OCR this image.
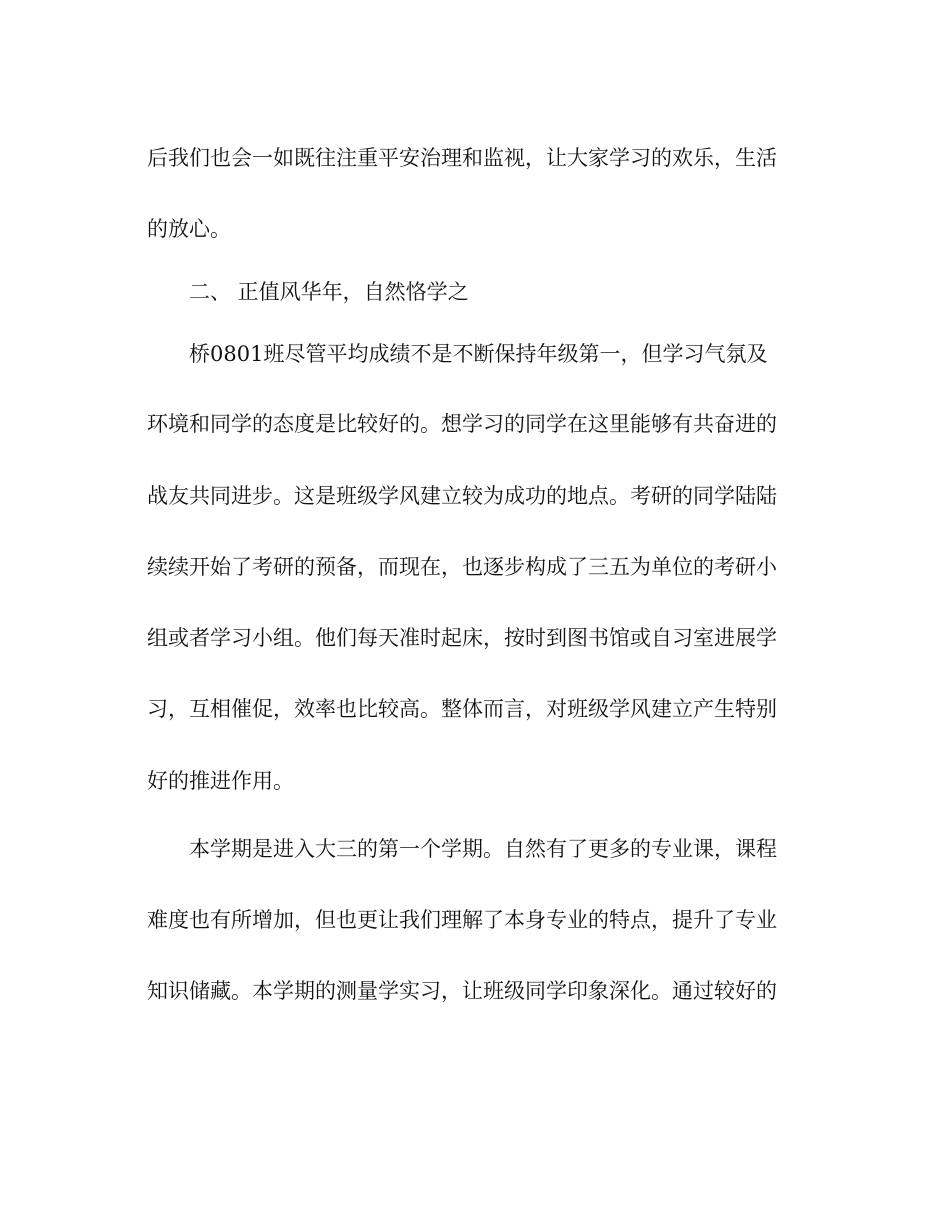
后我们也会一如既往注重平安治理和监视，让大家学习的欢乐，生活
的放心。
二、 正值风华年，自然恪学之
桥0801班尽管平均成绩不是不断保持年级第一，但学习气氛及
环境和同学的态度是比较好的。想学习的同学在这里能够有共奋进的
战友共同进步。这是班级学风建立较为成功的地点。考研的同学陆陆
续续开始了考研的预备，而现在，也逐步构成了三五为单位的考研小
组或者学习小组。他们每天准时起床，按时到图书馆或自习室进展学
习，互相催促，效率也比较高。整体而言，对班级学风建立产生特别
好的推进作用。
本学期是进入大三的第一个学期。自然有了更多的专业课，课程
难度也有所增加，但也更让我们理解了本身专业的特点，提升了专业
知识储藏。本学期的测量学实习，让班级同学印象深化。通过较好的
